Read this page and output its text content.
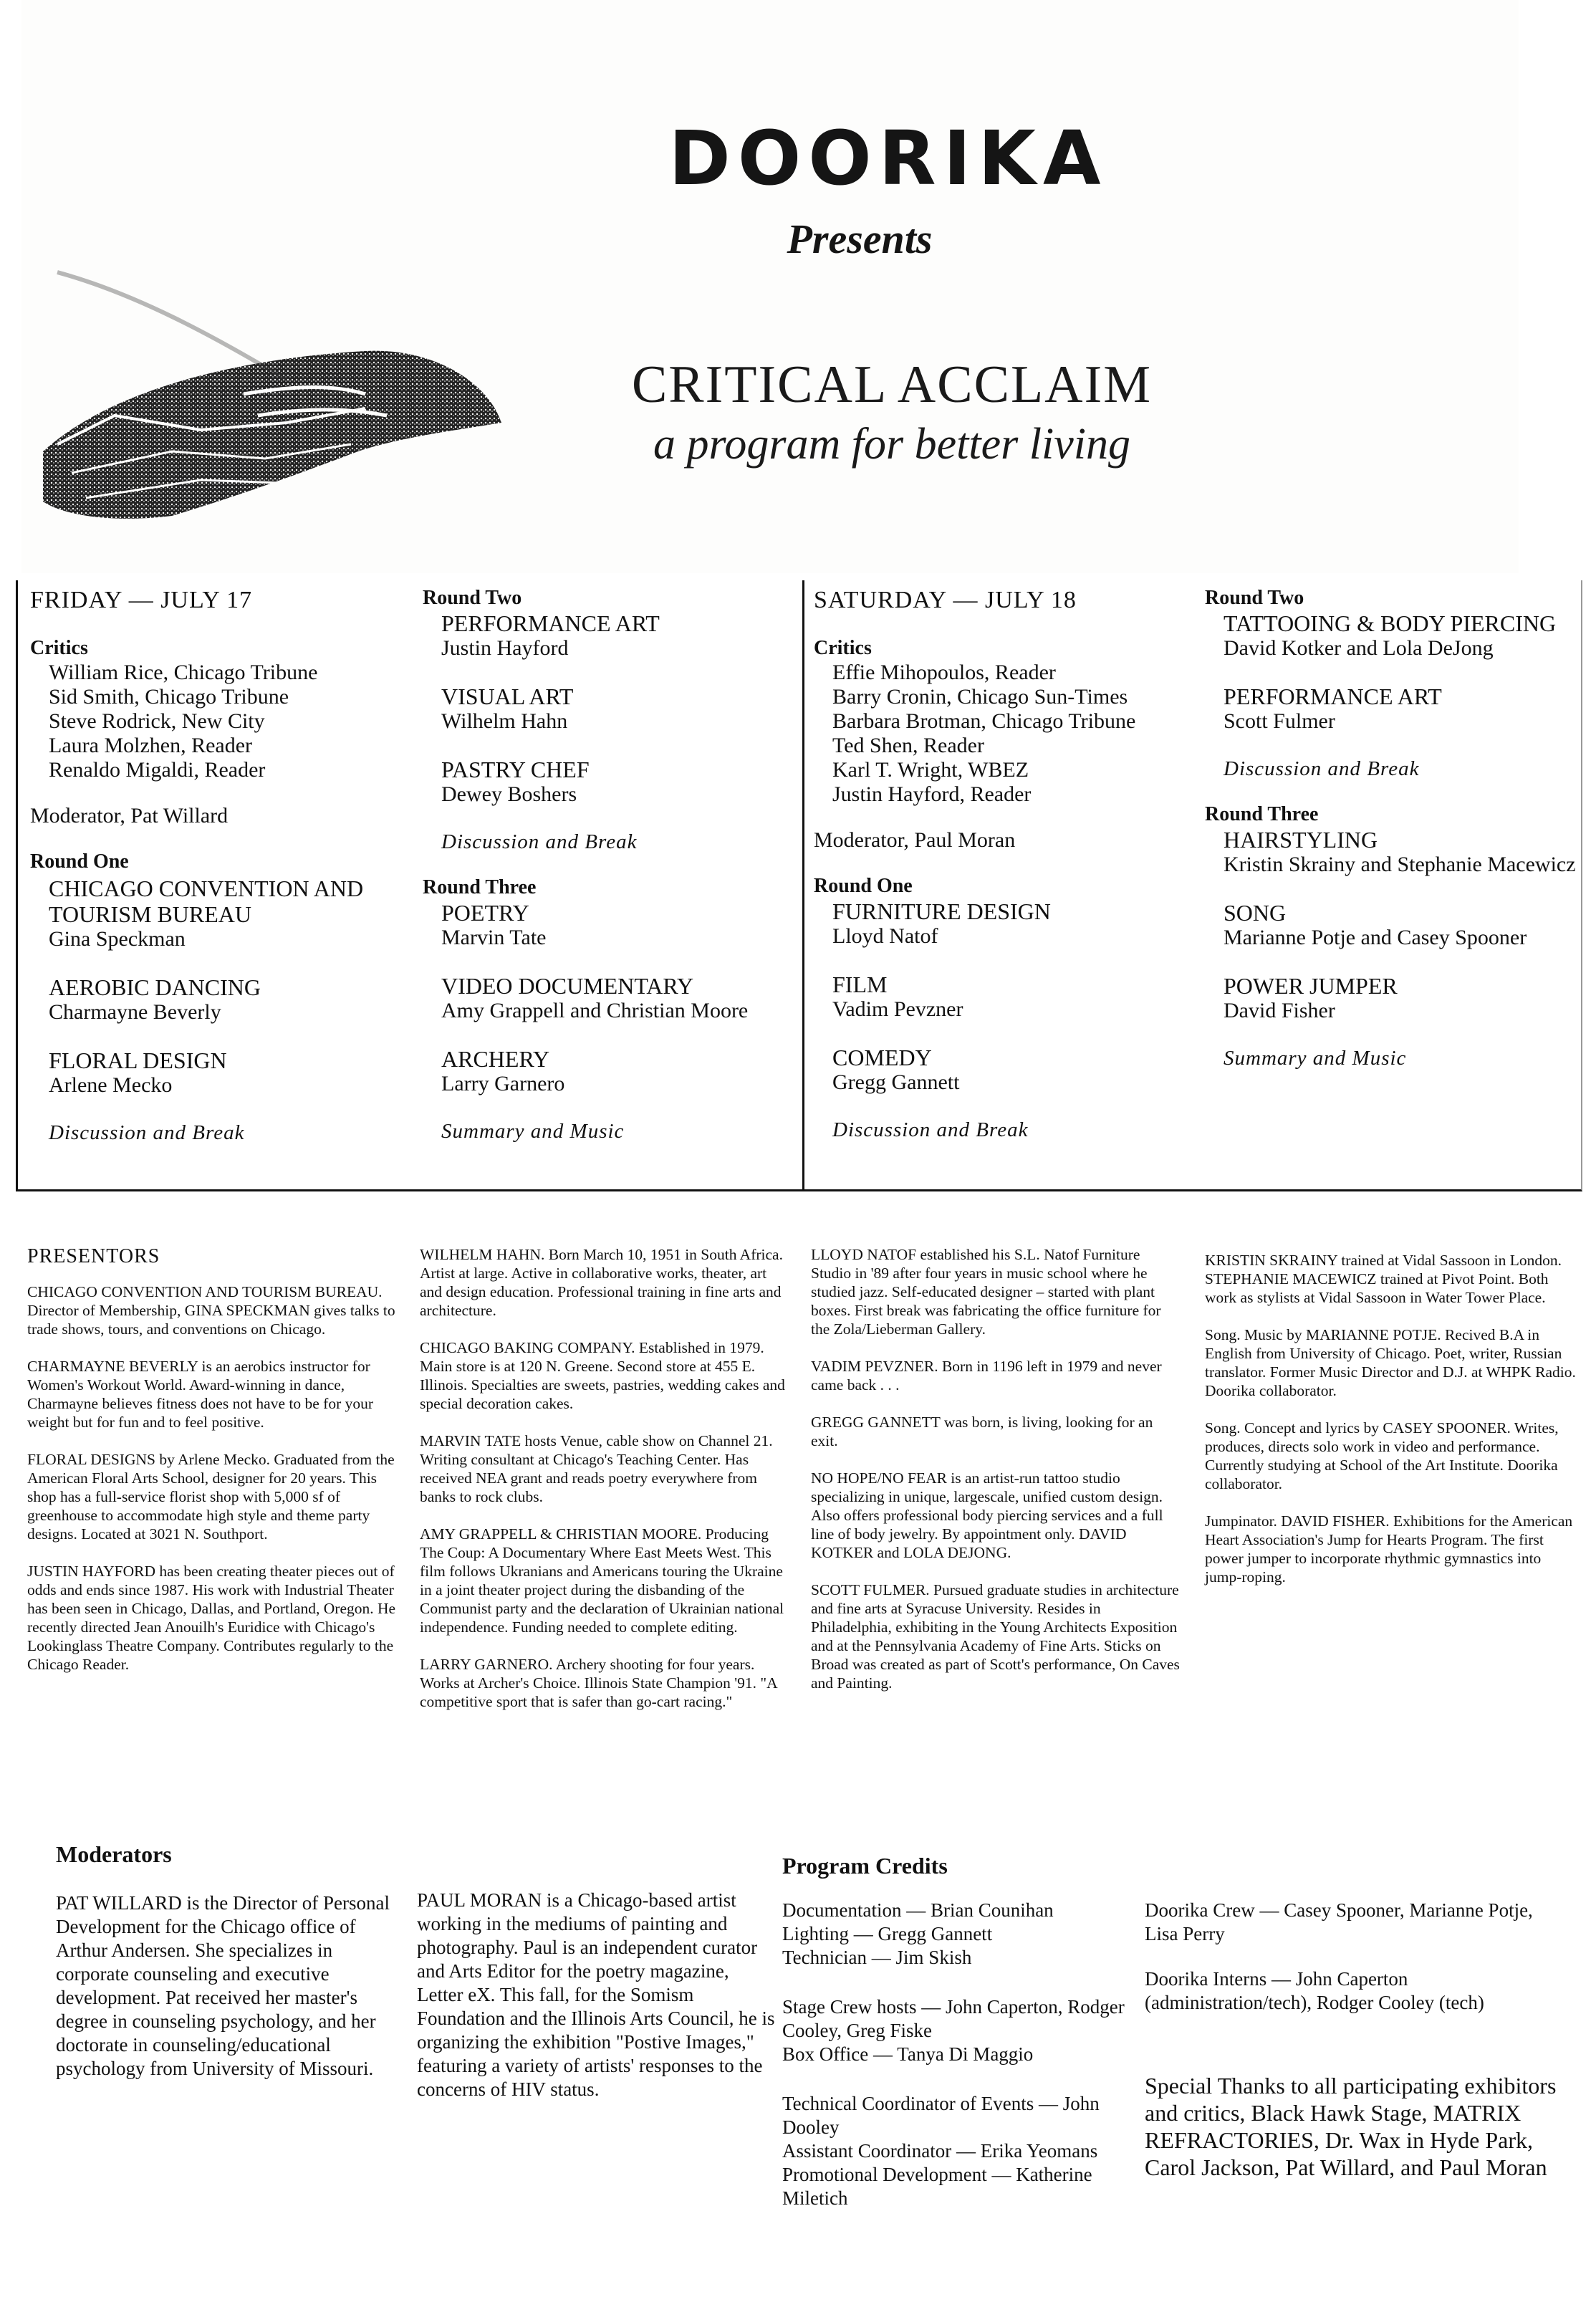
DOORIKA
Presents
CRITICAL ACCLAIM
a program for better living
FRIDAY — JULY 17
Critics
William Rice, Chicago Tribune
Sid Smith, Chicago Tribune
Steve Rodrick, New City
Laura Molzhen, Reader
Renaldo Migaldi, Reader
Moderator, Pat Willard
Round One
CHICAGO CONVENTION AND TOURISM BUREAU
Gina Speckman
AEROBIC DANCING
Charmayne Beverly
FLORAL DESIGN
Arlene Mecko
Discussion and Break
Round Two
PERFORMANCE ART
Justin Hayford
VISUAL ART
Wilhelm Hahn
PASTRY CHEF
Dewey Boshers
Discussion and Break
Round Three
POETRY
Marvin Tate
VIDEO DOCUMENTARY
Amy Grappell and Christian Moore
ARCHERY
Larry Garnero
Summary and Music
SATURDAY — JULY 18
Critics
Effie Mihopoulos, Reader
Barry Cronin, Chicago Sun-Times
Barbara Brotman, Chicago Tribune
Ted Shen, Reader
Karl T. Wright, WBEZ
Justin Hayford, Reader
Moderator, Paul Moran
Round One
FURNITURE DESIGN
Lloyd Natof
FILM
Vadim Pevzner
COMEDY
Gregg Gannett
Discussion and Break
Round Two
TATTOOING & BODY PIERCING
David Kotker and Lola DeJong
PERFORMANCE ART
Scott Fulmer
Discussion and Break
Round Three
HAIRSTYLING
Kristin Skrainy and Stephanie Macewicz
SONG
Marianne Potje and Casey Spooner
POWER JUMPER
David Fisher
Summary and Music
PRESENTORS

CHICAGO CONVENTION AND TOURISM BUREAU. Director of Membership, GINA SPECKMAN gives talks to trade shows, tours, and conventions on Chicago.

CHARMAYNE BEVERLY is an aerobics instructor for Women's Workout World. Award-winning in dance, Charmayne believes fitness does not have to be for your weight but for fun and to feel positive.

FLORAL DESIGNS by Arlene Mecko. Graduated from the American Floral Arts School, designer for 20 years. This shop has a full-service florist shop with 5,000 sf of greenhouse to accommodate high style and theme party designs. Located at 3021 N. Southport.

JUSTIN HAYFORD has been creating theater pieces out of odds and ends since 1987. His work with Industrial Theater has been seen in Chicago, Dallas, and Portland, Oregon. He recently directed Jean Anouilh's Euridice with Chicago's Lookinglass Theatre Company. Contributes regularly to the Chicago Reader.

WILHELM HAHN. Born March 10, 1951 in South Africa. Artist at large. Active in collaborative works, theater, art and design education. Professional training in fine arts and architecture.

CHICAGO BAKING COMPANY. Established in 1979. Main store is at 120 N. Greene. Second store at 455 E. Illinois. Specialties are sweets, pastries, wedding cakes and special decoration cakes.

MARVIN TATE hosts Venue, cable show on Channel 21. Writing consultant at Chicago's Teaching Center. Has received NEA grant and reads poetry everywhere from banks to rock clubs.

AMY GRAPPELL & CHRISTIAN MOORE. Producing The Coup: A Documentary Where East Meets West. This film follows Ukranians and Americans touring the Ukraine in a joint theater project during the disbanding of the Communist party and the declaration of Ukrainian national independence. Funding needed to complete editing.

LARRY GARNERO. Archery shooting for four years. Works at Archer's Choice. Illinois State Champion '91. "A competitive sport that is safer than go-cart racing."

LLOYD NATOF established his S.L. Natof Furniture Studio in '89 after four years in music school where he studied jazz. Self-educated designer – started with plant boxes. First break was fabricating the office furniture for the Zola/Lieberman Gallery.

VADIM PEVZNER. Born in 1196 left in 1979 and never came back . . .

GREGG GANNETT was born, is living, looking for an exit.

NO HOPE/NO FEAR is an artist-run tattoo studio specializing in unique, largescale, unified custom design. Also offers professional body piercing services and a full line of body jewelry. By appointment only. DAVID KOTKER and LOLA DEJONG.

SCOTT FULMER. Pursued graduate studies in architecture and fine arts at Syracuse University. Resides in Philadelphia, exhibiting in the Young Architects Exposition and at the Pennsylvania Academy of Fine Arts. Sticks on Broad was created as part of Scott's performance, On Caves and Painting.

KRISTIN SKRAINY trained at Vidal Sassoon in London. STEPHANIE MACEWICZ trained at Pivot Point. Both work as stylists at Vidal Sassoon in Water Tower Place.

Song. Music by MARIANNE POTJE. Recived B.A in English from University of Chicago. Poet, writer, Russian translator. Former Music Director and D.J. at WHPK Radio. Doorika collaborator.

Song. Concept and lyrics by CASEY SPOONER. Writes, produces, directs solo work in video and performance. Currently studying at School of the Art Institute. Doorika collaborator.

Jumpinator. DAVID FISHER. Exhibitions for the American Heart Association's Jump for Hearts Program. The first power jumper to incorporate rhythmic gymnastics into jump-roping.

Moderators
PAT WILLARD is the Director of Personal Development for the Chicago office of Arthur Andersen. She specializes in corporate counseling and executive development. Pat received her master's degree in counseling psychology, and her doctorate in counseling/educational psychology from University of Missouri.
PAUL MORAN is a Chicago-based artist working in the mediums of painting and photography. Paul is an independent curator and Arts Editor for the poetry magazine, Letter eX. This fall, for the Somism Foundation and the Illinois Arts Council, he is organizing the exhibition "Postive Images," featuring a variety of artists' responses to the concerns of HIV status.
Program Credits

Documentation — Brian Counihan
Lighting — Gregg Gannett
Technician — Jim Skish

Stage Crew hosts — John Caperton, Rodger Cooley, Greg Fiske
Box Office — Tanya Di Maggio

Technical Coordinator of Events — John Dooley
Assistant Coordinator — Erika Yeomans
Promotional Development — Katherine Miletich

Doorika Crew — Casey Spooner, Marianne Potje, Lisa Perry

Doorika Interns — John Caperton (administration/tech), Rodger Cooley (tech)

Special Thanks to all participating exhibitors and critics, Black Hawk Stage, MATRIX REFRACTORIES, Dr. Wax in Hyde Park, Carol Jackson, Pat Willard, and Paul Moran
